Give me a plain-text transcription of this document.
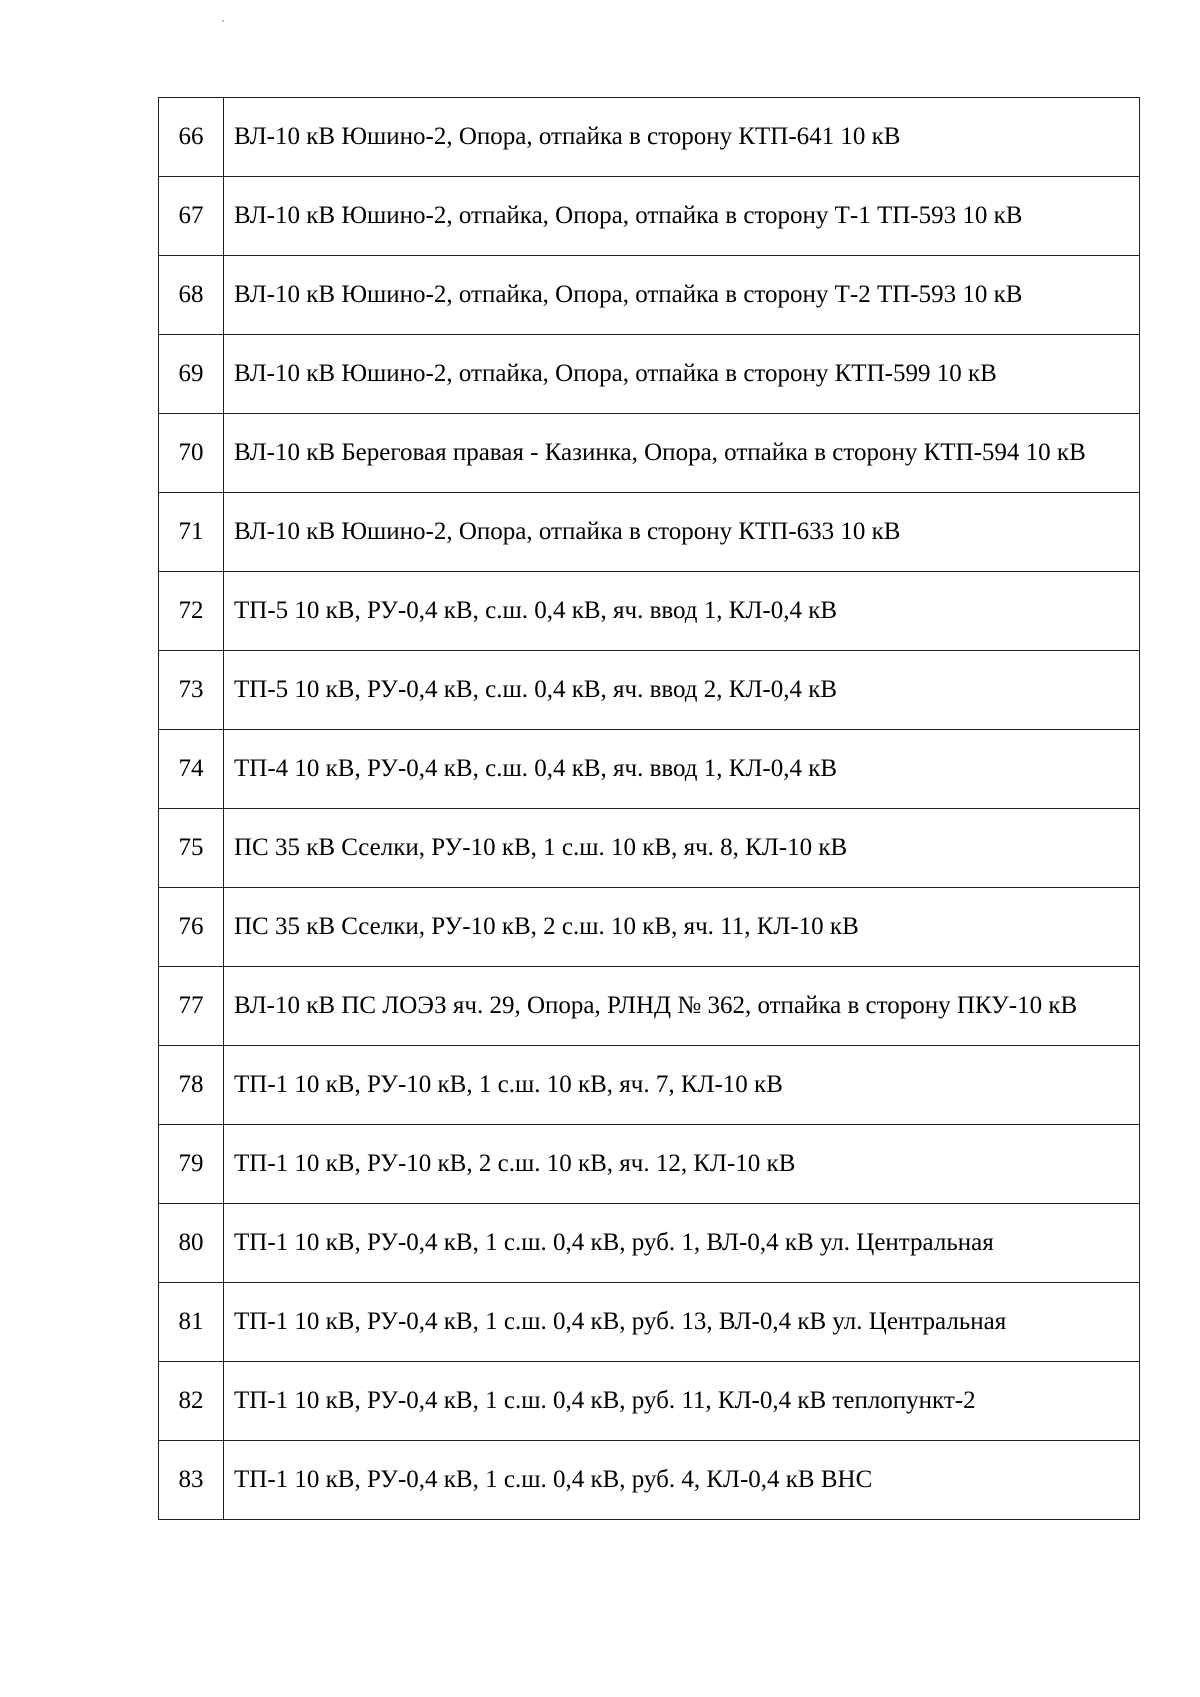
66	ВЛ-10 кВ Юшино-2, Опора, отпайка в сторону КТП-641 10 кВ
67	ВЛ-10 кВ Юшино-2, отпайка, Опора, отпайка в сторону Т-1 ТП-593 10 кВ
68	ВЛ-10 кВ Юшино-2, отпайка, Опора, отпайка в сторону Т-2 ТП-593 10 кВ
69	ВЛ-10 кВ Юшино-2, отпайка, Опора, отпайка в сторону КТП-599 10 кВ
70	ВЛ-10 кВ Береговая правая - Казинка, Опора, отпайка в сторону КТП-594 10 кВ
71	ВЛ-10 кВ Юшино-2, Опора, отпайка в сторону КТП-633 10 кВ
72	ТП-5 10 кВ, РУ-0,4 кВ, с.ш. 0,4 кВ, яч. ввод 1, КЛ-0,4 кВ
73	ТП-5 10 кВ, РУ-0,4 кВ, с.ш. 0,4 кВ, яч. ввод 2, КЛ-0,4 кВ
74	ТП-4 10 кВ, РУ-0,4 кВ, с.ш. 0,4 кВ, яч. ввод 1, КЛ-0,4 кВ
75	ПС 35 кВ Сселки, РУ-10 кВ, 1 с.ш. 10 кВ, яч. 8, КЛ-10 кВ
76	ПС 35 кВ Сселки, РУ-10 кВ, 2 с.ш. 10 кВ, яч. 11, КЛ-10 кВ
77	ВЛ-10 кВ ПС ЛОЭЗ яч. 29, Опора, РЛНД № 362, отпайка в сторону ПКУ-10 кВ
78	ТП-1 10 кВ, РУ-10 кВ, 1 с.ш. 10 кВ, яч. 7, КЛ-10 кВ
79	ТП-1 10 кВ, РУ-10 кВ, 2 с.ш. 10 кВ, яч. 12, КЛ-10 кВ
80	ТП-1 10 кВ, РУ-0,4 кВ, 1 с.ш. 0,4 кВ, руб. 1, ВЛ-0,4 кВ ул. Центральная
81	ТП-1 10 кВ, РУ-0,4 кВ, 1 с.ш. 0,4 кВ, руб. 13, ВЛ-0,4 кВ ул. Центральная
82	ТП-1 10 кВ, РУ-0,4 кВ, 1 с.ш. 0,4 кВ, руб. 11, КЛ-0,4 кВ теплопункт-2
83	ТП-1 10 кВ, РУ-0,4 кВ, 1 с.ш. 0,4 кВ, руб. 4, КЛ-0,4 кВ ВНС
